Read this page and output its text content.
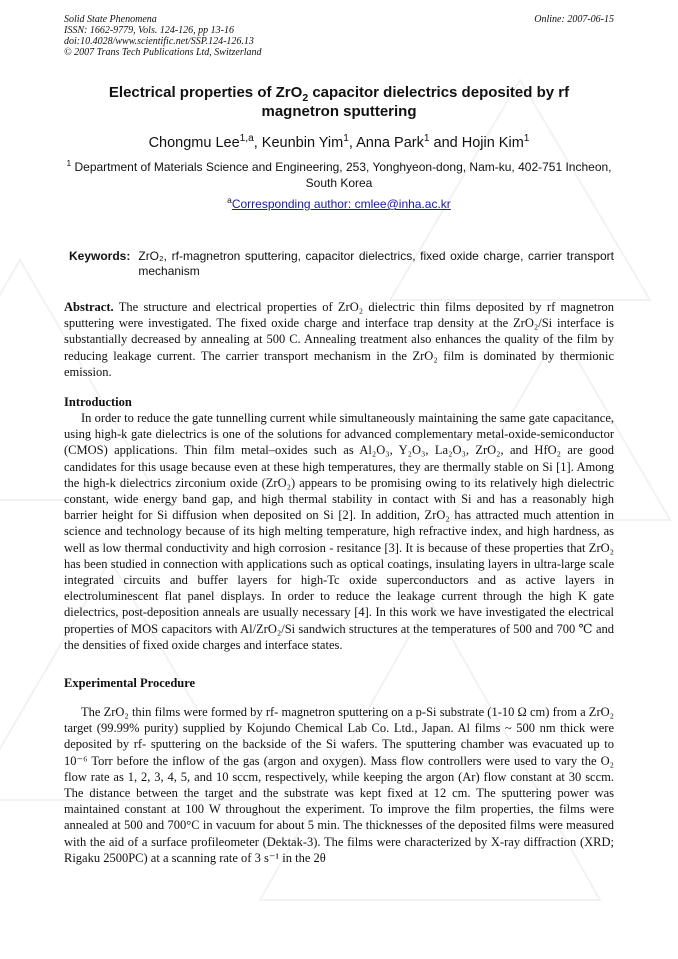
Solid State Phenomena
ISSN: 1662-9779, Vols. 124-126, pp 13-16
doi:10.4028/www.scientific.net/SSP.124-126.13
© 2007 Trans Tech Publications Ltd, Switzerland
Online: 2007-06-15
Electrical properties of ZrO$_2$ capacitor dielectrics deposited by rf magnetron sputtering
Chongmu Lee$^{1,a}$, Keunbin Yim$^1$, Anna Park$^1$ and Hojin Kim$^1$
$^1$ Department of Materials Science and Engineering, 253, Yonghyeon-dong, Nam-ku, 402-751 Incheon, South Korea
$^a$Corresponding author: cmlee@inha.ac.kr
Keywords: ZrO₂, rf-magnetron sputtering, capacitor dielectrics, fixed oxide charge, carrier transport mechanism
Abstract. The structure and electrical properties of ZrO₂ dielectric thin films deposited by rf magnetron sputtering were investigated. The fixed oxide charge and interface trap density at the ZrO₂/Si interface is substantially decreased by annealing at 500 C. Annealing treatment also enhances the quality of the film by reducing leakage current. The carrier transport mechanism in the ZrO₂ film is dominated by thermionic emission.
Introduction
In order to reduce the gate tunnelling current while simultaneously maintaining the same gate capacitance, using high-k gate dielectrics is one of the solutions for advanced complementary metal-oxide-semiconductor (CMOS) applications. Thin film metal–oxides such as Al₂O₃, Y₂O₃, La₂O₃, ZrO₂, and HfO₂ are good candidates for this usage because even at these high temperatures, they are thermally stable on Si [1]. Among the high-k dielectrics zirconium oxide (ZrO₂) appears to be promising owing to its relatively high dielectric constant, wide energy band gap, and high thermal stability in contact with Si and has a reasonably high barrier height for Si diffusion when deposited on Si [2]. In addition, ZrO₂ has attracted much attention in science and technology because of its high melting temperature, high refractive index, and high hardness, as well as low thermal conductivity and high corrosion - resitance [3]. It is because of these properties that ZrO₂ has been studied in connection with applications such as optical coatings, insulating layers in ultra-large scale integrated circuits and buffer layers for high-Tc oxide superconductors and as active layers in electroluminescent flat panel displays. In order to reduce the leakage current through the high K gate dielectrics, post-deposition anneals are usually necessary [4]. In this work we have investigated the electrical properties of MOS capacitors with Al/ZrO₂/Si sandwich structures at the temperatures of 500 and 700 ℃ and the densities of fixed oxide charges and interface states.
Experimental Procedure
The ZrO₂ thin films were formed by rf- magnetron sputtering on a p-Si substrate (1-10 Ω cm) from a ZrO₂ target (99.99% purity) supplied by Kojundo Chemical Lab Co. Ltd., Japan. Al films ~ 500 nm thick were deposited by rf- sputtering on the backside of the Si wafers. The sputtering chamber was evacuated up to 10⁻⁶ Torr before the inflow of the gas (argon and oxygen). Mass flow controllers were used to vary the O₂ flow rate as 1, 2, 3, 4, 5, and 10 sccm, respectively, while keeping the argon (Ar) flow constant at 30 sccm. The distance between the target and the substrate was kept fixed at 12 cm. The sputtering power was maintained constant at 100 W throughout the experiment. To improve the film properties, the films were annealed at 500 and 700°C in vacuum for about 5 min. The thicknesses of the deposited films were measured with the aid of a surface profileometer (Dektak-3). The films were characterized by X-ray diffraction (XRD; Rigaku 2500PC) at a scanning rate of 3 s⁻¹ in the 2θ
